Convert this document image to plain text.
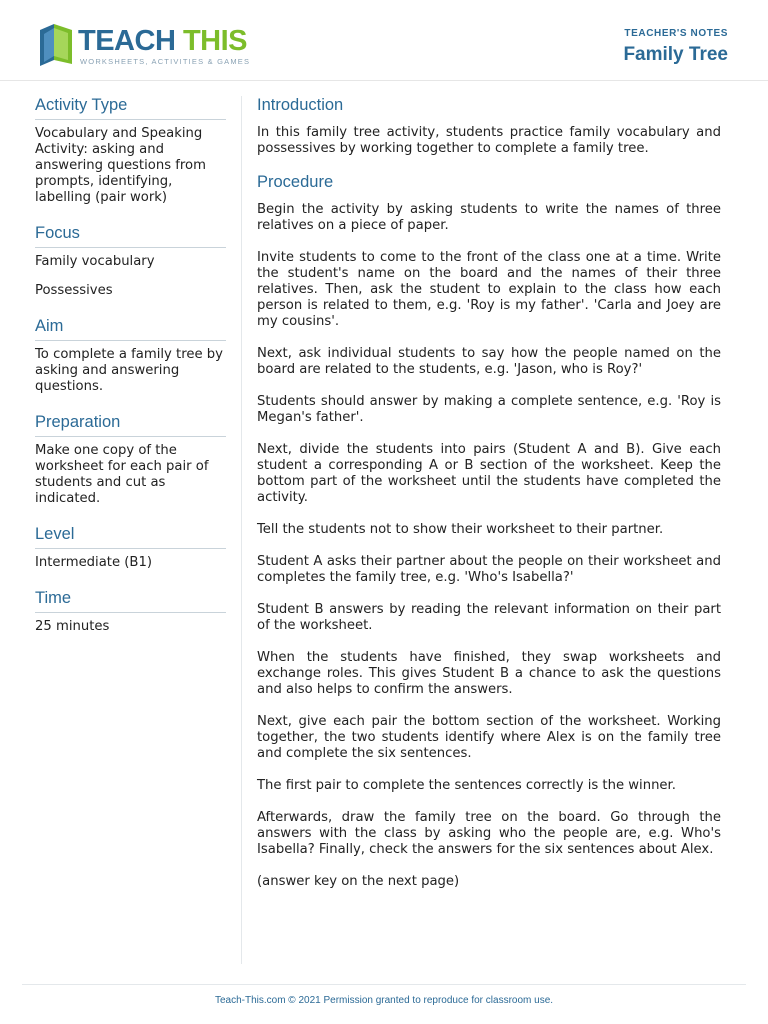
TEACH THIS
WORKSHEETS, ACTIVITIES & GAMES
TEACHER'S NOTES
Family Tree
Activity Type

Vocabulary and Speaking Activity: asking and answering questions from prompts, identifying, labelling (pair work)

Focus

Family vocabulary

Possessives

Aim

To complete a family tree by asking and answering questions.

Preparation

Make one copy of the worksheet for each pair of students and cut as indicated.

Level

Intermediate (B1)

Time

25 minutes

Introduction

In this family tree activity, students practice family vocabulary and possessives by working together to complete a family tree.

Procedure

Begin the activity by asking students to write the names of three relatives on a piece of paper.

Invite students to come to the front of the class one at a time. Write the student's name on the board and the names of their three relatives. Then, ask the student to explain to the class how each person is related to them, e.g. 'Roy is my father'. 'Carla and Joey are my cousins'.

Next, ask individual students to say how the people named on the board are related to the students, e.g. 'Jason, who is Roy?'

Students should answer by making a complete sentence, e.g. 'Roy is Megan's father'.

Next, divide the students into pairs (Student A and B). Give each student a corresponding A or B section of the worksheet. Keep the bottom part of the worksheet until the students have completed the activity.

Tell the students not to show their worksheet to their partner.

Student A asks their partner about the people on their worksheet and completes the family tree, e.g. 'Who's Isabella?'

Student B answers by reading the relevant information on their part of the worksheet.

When the students have finished, they swap worksheets and exchange roles. This gives Student B a chance to ask the questions and also helps to confirm the answers.

Next, give each pair the bottom section of the worksheet. Working together, the two students identify where Alex is on the family tree and complete the six sentences.

The first pair to complete the sentences correctly is the winner.

Afterwards, draw the family tree on the board. Go through the answers with the class by asking who the people are, e.g. Who's Isabella? Finally, check the answers for the six sentences about Alex.

(answer key on the next page)

Teach-This.com © 2021 Permission granted to reproduce for classroom use.
